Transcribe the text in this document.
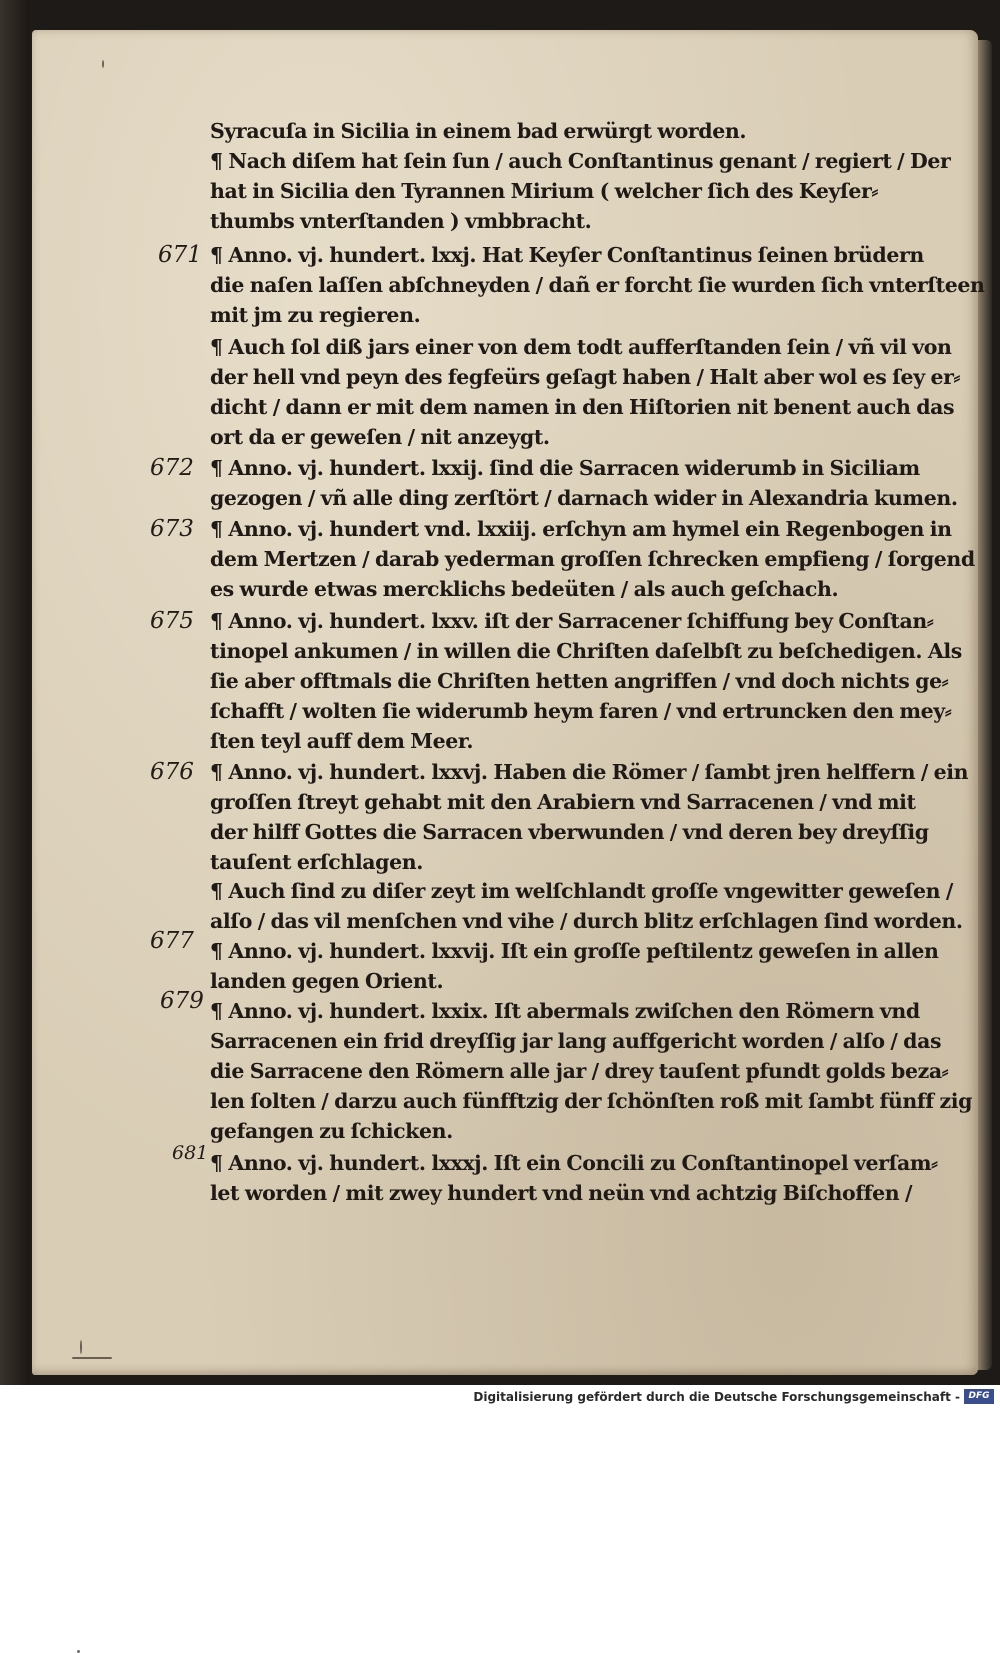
Syracuſa in Sicilia in einem bad erwürgt worden.
¶ Nach diſem hat ſein ſun / auch Conſtantinus genant / regiert / Der
hat in Sicilia den Tyrannen Mirium ( welcher ſich des Keyſer⸗
thumbs vnterſtanden ) vmbbracht.
¶ Anno. vj. hundert. lxxj. Hat Keyſer Conſtantinus ſeinen brüdern
die naſen laſſen abſchneyden / dañ er forcht ſie wurden ſich vnterſteen
mit jm zu regieren.
¶ Auch ſol diß jars einer von dem todt aufferſtanden ſein / vñ vil von
der hell vnd peyn des fegfeürs geſagt haben / Halt aber wol es ſey er⸗
dicht / dann er mit dem namen in den Hiſtorien nit benent auch das
ort da er geweſen / nit anzeygt.
¶ Anno. vj. hundert. lxxij. ſind die Sarracen widerumb in Siciliam
gezogen / vñ alle ding zerſtört / darnach wider in Alexandria kumen.
¶ Anno. vj. hundert vnd. lxxiij. erſchyn am hymel ein Regenbogen in
dem Mertzen / darab yederman groſſen ſchrecken empfieng / ſorgend
es wurde etwas mercklichs bedeüten / als auch geſchach.
¶ Anno. vj. hundert. lxxv. iſt der Sarracener ſchiffung bey Conſtan⸗
tinopel ankumen / in willen die Chriſten daſelbſt zu beſchedigen. Als
ſie aber offtmals die Chriſten hetten angriffen / vnd doch nichts ge⸗
ſchafft / wolten ſie widerumb heym faren / vnd ertruncken den mey⸗
ſten teyl auff dem Meer.
¶ Anno. vj. hundert. lxxvj. Haben die Römer / ſambt jren helffern / ein
groſſen ſtreyt gehabt mit den Arabiern vnd Sarracenen / vnd mit
der hilff Gottes die Sarracen vberwunden / vnd deren bey dreyſſig
tauſent erſchlagen.
¶ Auch ſind zu diſer zeyt im welſchlandt groſſe vngewitter geweſen /
alſo / das vil menſchen vnd vihe / durch blitz erſchlagen ſind worden.
¶ Anno. vj. hundert. lxxvij. Iſt ein groſſe peſtilentz geweſen in allen
landen gegen Orient.
¶ Anno. vj. hundert. lxxix. Iſt abermals zwiſchen den Römern vnd
Sarracenen ein frid dreyſſig jar lang auffgericht worden / alſo / das
die Sarracene den Römern alle jar / drey tauſent pfundt golds beza⸗
len ſolten / darzu auch fünfftzig der ſchönſten roß mit ſambt fünff zig
gefangen zu ſchicken.
¶ Anno. vj. hundert. lxxxj. Iſt ein Concili zu Conſtantinopel verſam⸗
let worden / mit zwey hundert vnd neün vnd achtzig Biſchoffen /
671
672
673
675
676
677
679
681
Digitalisierung gefördert durch die Deutsche Forschungsgemeinschaft - DFG
